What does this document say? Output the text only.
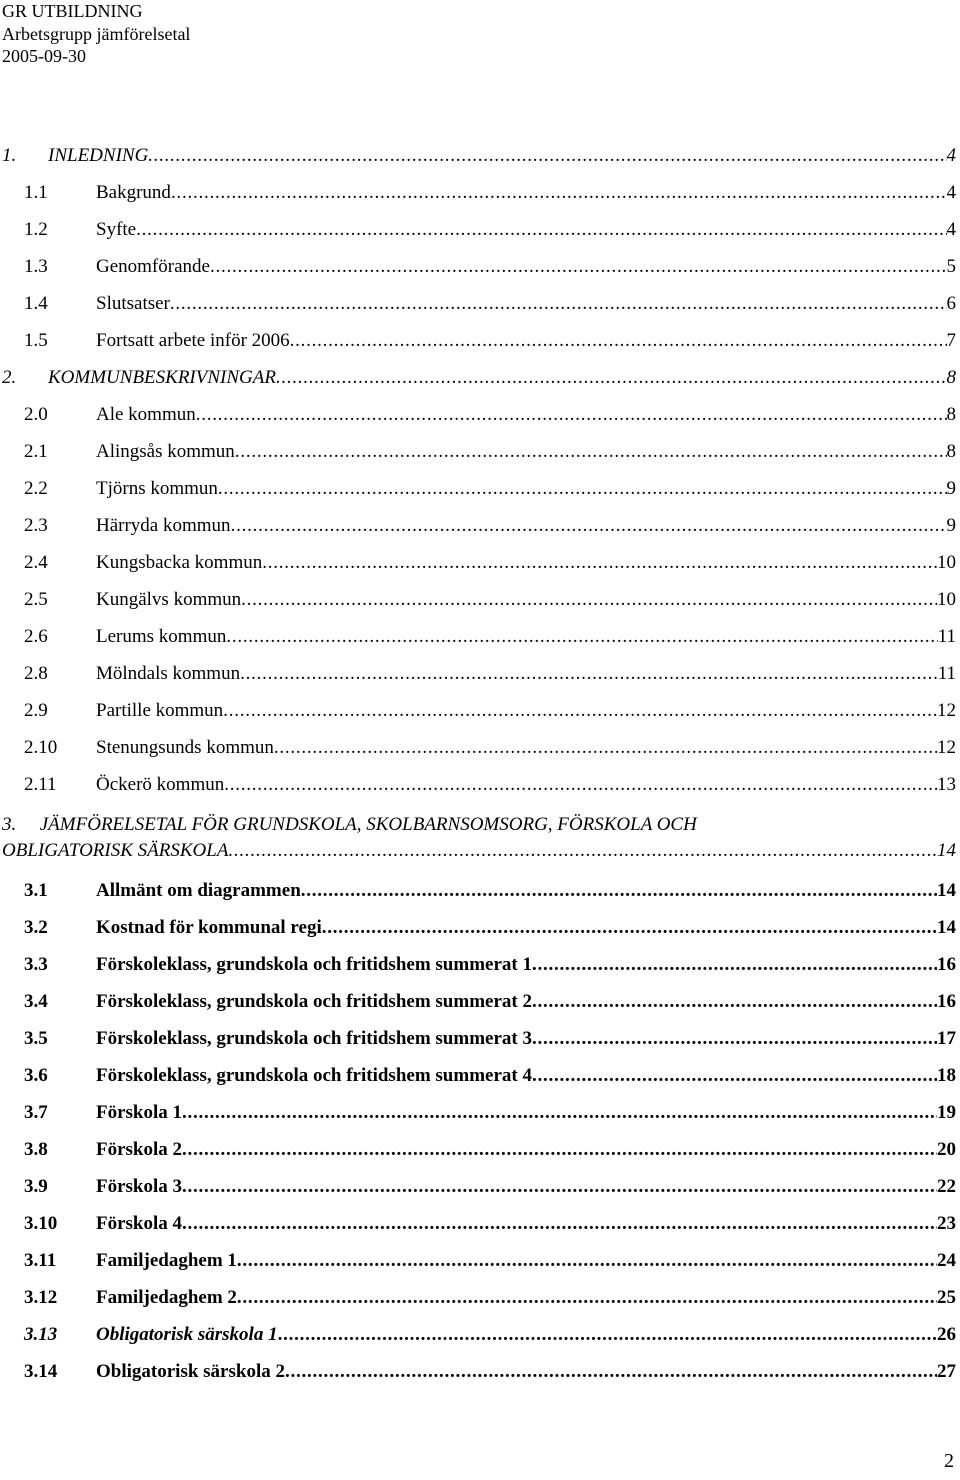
GR UTBILDNING
Arbetsgrupp jämförelsetal
2005-09-30
1.	INLEDNING . . .	4
1.1	Bakgrund . . .	4
1.2	Syfte . . .	4
1.3	Genomförande . . .	5
1.4	Slutsatser . . .	6
1.5	Fortsatt arbete inför 2006 . . .	7
2.	KOMMUNBESKRIVNINGAR . . .	8
2.0	Ale kommun . . .	8
2.1	Alingsås kommun . . .	8
2.2	Tjörns kommun . . .	9
2.3	Härryda kommun . . .	9
2.4	Kungsbacka kommun . . .	10
2.5	Kungälvs kommun . . .	10
2.6	Lerums kommun . . .	11
2.8	Mölndals kommun . . .	11
2.9	Partille kommun . . .	12
2.10	Stenungsunds kommun . . .	12
2.11	Öckerö kommun . . .	13
3. JÄMFÖRELSETAL FÖR GRUNDSKOLA, SKOLBARNSOMSORG, FÖRSKOLA OCH
OBLIGATORISK SÄRSKOLA . . .	14
3.1	Allmänt om diagrammen . . .	14
3.2	Kostnad för kommunal regi . . .	14
3.3	Förskoleklass, grundskola och fritidshem summerat 1 . . .	16
3.4	Förskoleklass, grundskola och fritidshem summerat 2 . . .	16
3.5	Förskoleklass, grundskola och fritidshem summerat 3 . . .	17
3.6	Förskoleklass, grundskola och fritidshem summerat 4 . . .	18
3.7	Förskola 1 . . .	19
3.8	Förskola 2 . . .	20
3.9	Förskola 3 . . .	22
3.10	Förskola 4 . . .	23
3.11	Familjedaghem 1 . . .	24
3.12	Familjedaghem 2 . . .	25
3.13	Obligatorisk särskola 1 . . .	26
3.14	Obligatorisk särskola 2 . . .	27
2
